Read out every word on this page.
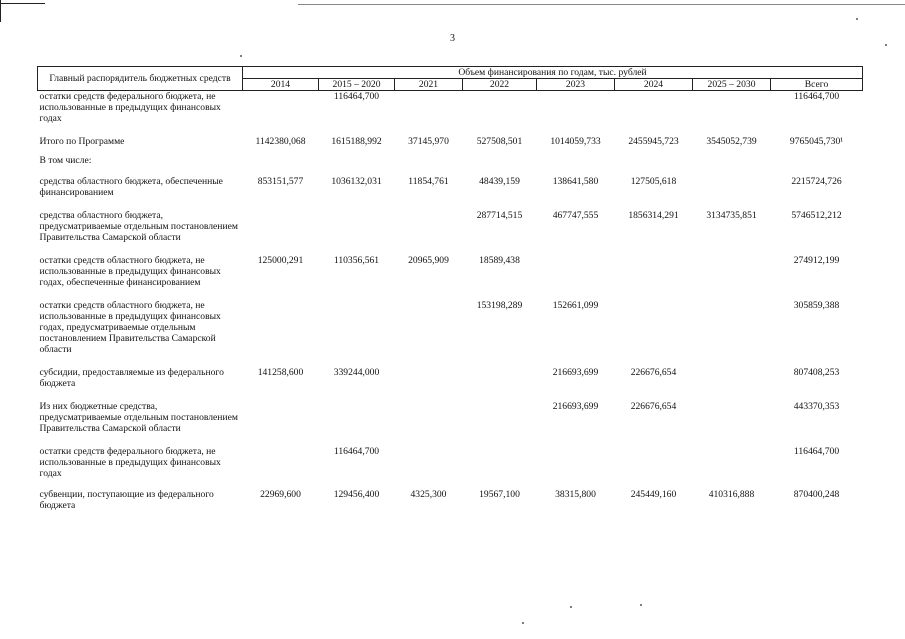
3
Главный распорядитель бюджетных средств	Объем финансирования по годам, тыс. рублей							
	2014	2015 – 2020	2021	2022	2023	2024	2025 – 2030	Всего
остатки средств федерального бюджета, не использованные в предыдущих финансовых годах		116464,700						116464,700

Итого по Программе	1142380,068	1615188,992	37145,970	527508,501	1014059,733	2455945,723	3545052,739	9765045,730¹

В том числе:								

средства областного бюджета, обеспеченные финансированием	853151,577	1036132,031	11854,761	48439,159	138641,580	127505,618		2215724,726

средства областного бюджета, предусматриваемые отдельным постановлением Правительства Самарской области				287714,515	467747,555	1856314,291	3134735,851	5746512,212

остатки средств областного бюджета, не использованные в предыдущих финансовых годах, обеспеченные финансированием	125000,291	110356,561	20965,909	18589,438				274912,199

остатки средств областного бюджета, не использованные в предыдущих финансовых годах, предусматриваемые отдельным постановлением Правительства Самарской области				153198,289	152661,099			305859,388

субсидии, предоставляемые из федерального бюджета	141258,600	339244,000			216693,699	226676,654		807408,253

Из них бюджетные средства, предусматриваемые отдельным постановлением Правительства Самарской области					216693,699	226676,654		443370,353

остатки средств федерального бюджета, не использованные в предыдущих финансовых годах		116464,700						116464,700

субвенции, поступающие из федерального бюджета	22969,600	129456,400	4325,300	19567,100	38315,800	245449,160	410316,888	870400,248
